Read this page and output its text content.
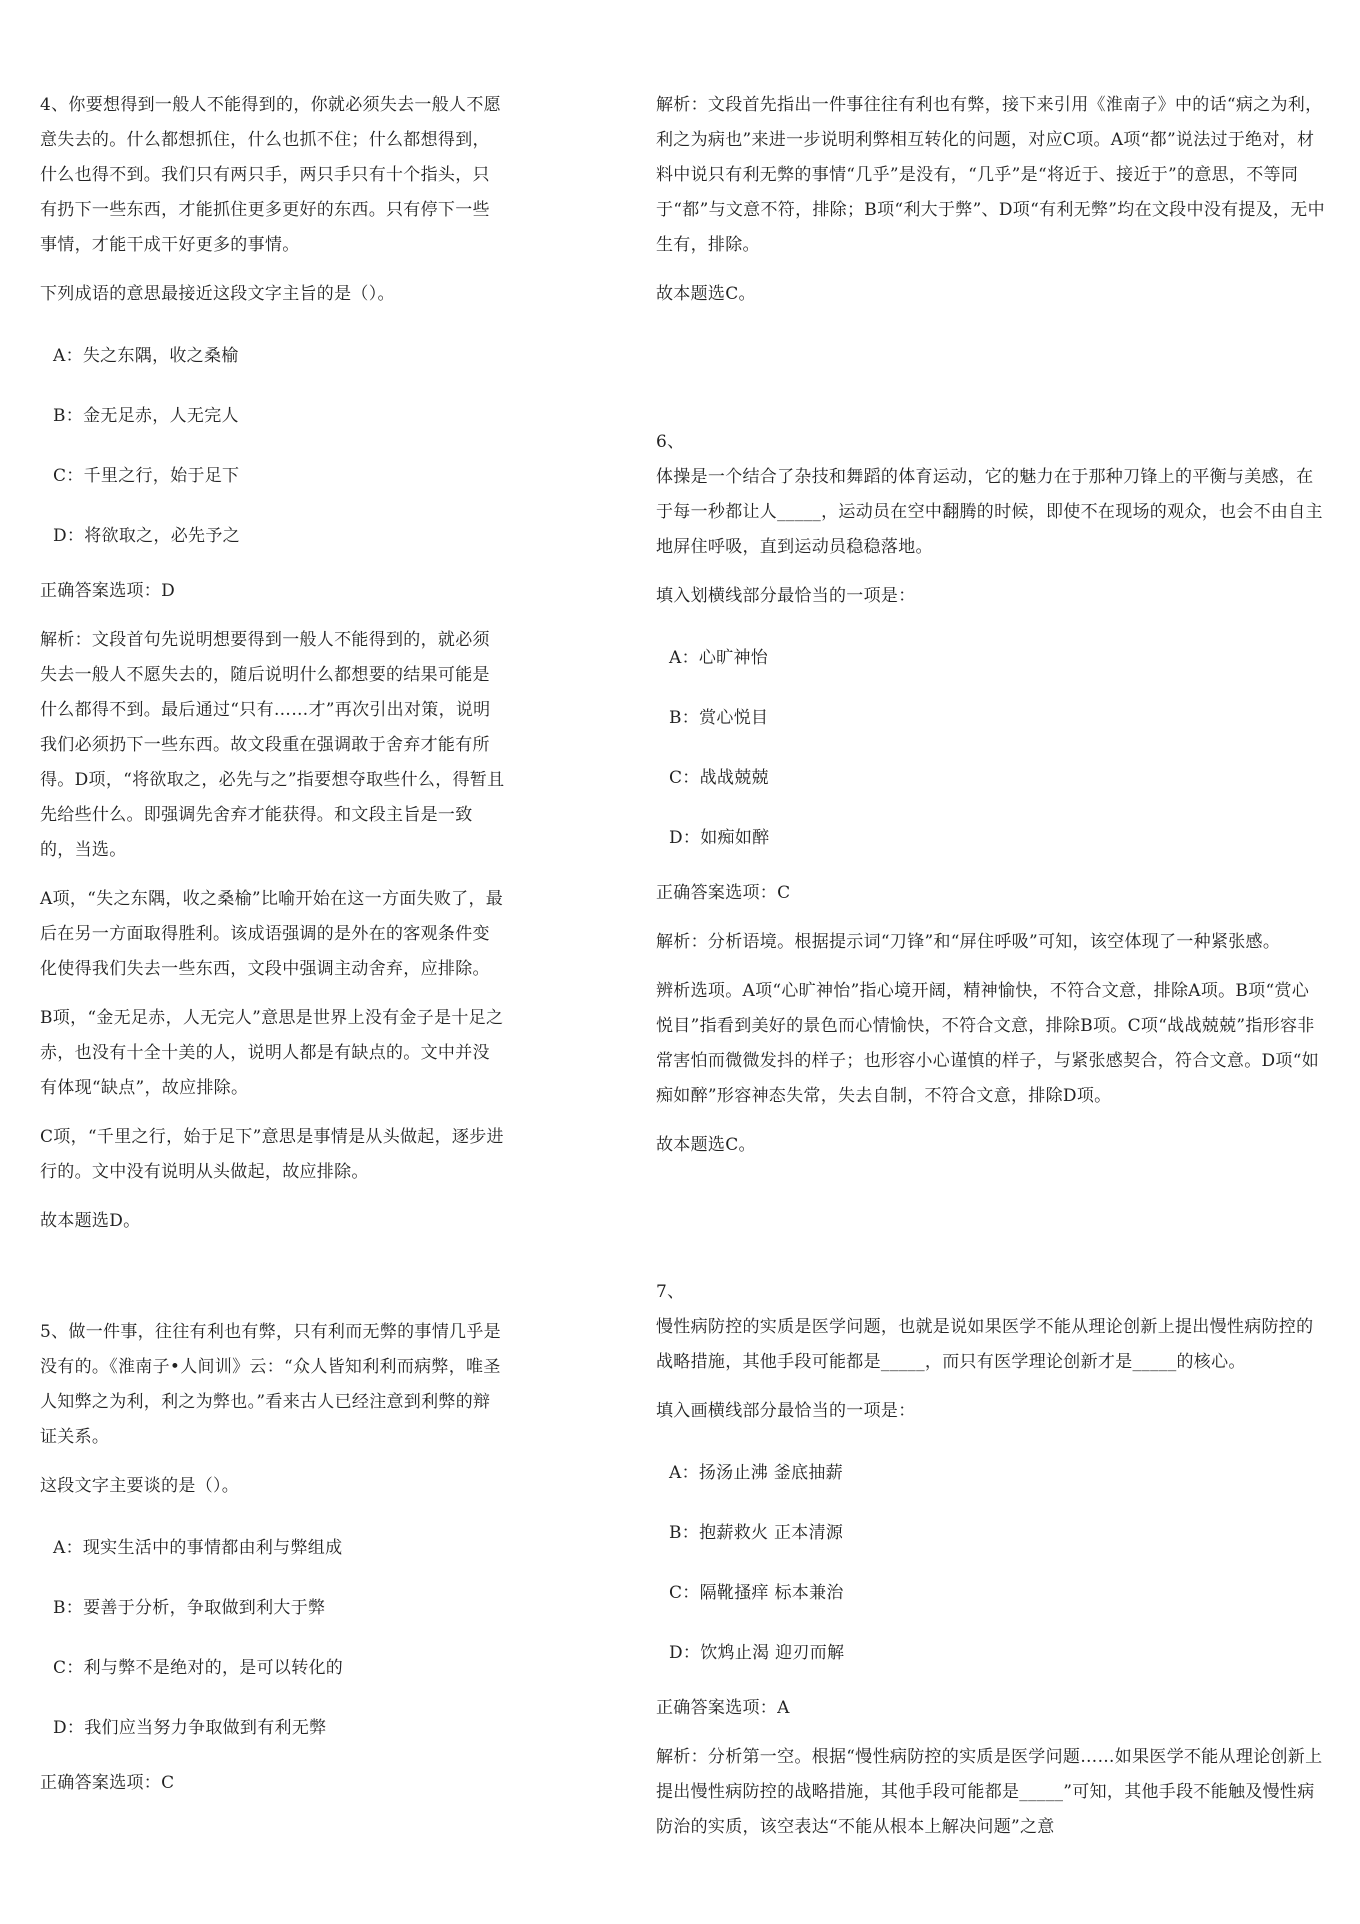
4、你要想得到一般人不能得到的，你就必须失去一般人不愿意失去的。什么都想抓住，什么也抓不住；什么都想得到，什么也得不到。我们只有两只手，两只手只有十个指头，只有扔下一些东西，才能抓住更多更好的东西。只有停下一些事情，才能干成干好更多的事情。

下列成语的意思最接近这段文字主旨的是（）。

A：失之东隅，收之桑榆

B：金无足赤，人无完人

C：千里之行，始于足下

D：将欲取之，必先予之

正确答案选项：D

解析：文段首句先说明想要得到一般人不能得到的，就必须失去一般人不愿失去的，随后说明什么都想要的结果可能是什么都得不到。最后通过“只有……才”再次引出对策，说明我们必须扔下一些东西。故文段重在强调敢于舍弃才能有所得。D项，“将欲取之，必先与之”指要想夺取些什么，得暂且先给些什么。即强调先舍弃才能获得。和文段主旨是一致的，当选。

A项，“失之东隅，收之桑榆”比喻开始在这一方面失败了，最后在另一方面取得胜利。该成语强调的是外在的客观条件变化使得我们失去一些东西，文段中强调主动舍弃，应排除。

B项，“金无足赤，人无完人”意思是世界上没有金子是十足之赤，也没有十全十美的人，说明人都是有缺点的。文中并没有体现“缺点”，故应排除。

C项，“千里之行，始于足下”意思是事情是从头做起，逐步进行的。文中没有说明从头做起，故应排除。

故本题选D。

5、做一件事，往往有利也有弊，只有利而无弊的事情几乎是没有的。《淮南子•人间训》云：“众人皆知利利而病弊，唯圣人知弊之为利，利之为弊也。”看来古人已经注意到利弊的辩证关系。

这段文字主要谈的是（）。

A：现实生活中的事情都由利与弊组成

B：要善于分析，争取做到利大于弊

C：利与弊不是绝对的，是可以转化的

D：我们应当努力争取做到有利无弊

正确答案选项：C

解析：文段首先指出一件事往往有利也有弊，接下来引用《淮南子》中的话“病之为利，利之为病也”来进一步说明利弊相互转化的问题，对应C项。A项“都”说法过于绝对，材料中说只有利无弊的事情“几乎”是没有，“几乎”是“将近于、接近于”的意思，不等同于“都”与文意不符，排除；B项“利大于弊”、D项“有利无弊”均在文段中没有提及，无中生有，排除。

故本题选C。

6、

体操是一个结合了杂技和舞蹈的体育运动，它的魅力在于那种刀锋上的平衡与美感，在于每一秒都让人_____，运动员在空中翻腾的时候，即使不在现场的观众，也会不由自主地屏住呼吸，直到运动员稳稳落地。

填入划横线部分最恰当的一项是：

A：心旷神怡

B：赏心悦目

C：战战兢兢

D：如痴如醉

正确答案选项：C

解析：分析语境。根据提示词“刀锋”和“屏住呼吸”可知，该空体现了一种紧张感。

辨析选项。A项“心旷神怡”指心境开阔，精神愉快，不符合文意，排除A项。B项“赏心悦目”指看到美好的景色而心情愉快，不符合文意，排除B项。C项“战战兢兢”指形容非常害怕而微微发抖的样子；也形容小心谨慎的样子，与紧张感契合，符合文意。D项“如痴如醉”形容神态失常，失去自制，不符合文意，排除D项。

故本题选C。

7、

慢性病防控的实质是医学问题，也就是说如果医学不能从理论创新上提出慢性病防控的战略措施，其他手段可能都是_____，而只有医学理论创新才是_____的核心。

填入画横线部分最恰当的一项是：

A：扬汤止沸 釜底抽薪

B：抱薪救火 正本清源

C：隔靴搔痒 标本兼治

D：饮鸩止渴 迎刃而解

正确答案选项：A

解析：分析第一空。根据“慢性病防控的实质是医学问题……如果医学不能从理论创新上提出慢性病防控的战略措施，其他手段可能都是_____”可知，其他手段不能触及慢性病防治的实质，该空表达“不能从根本上解决问题”之意
